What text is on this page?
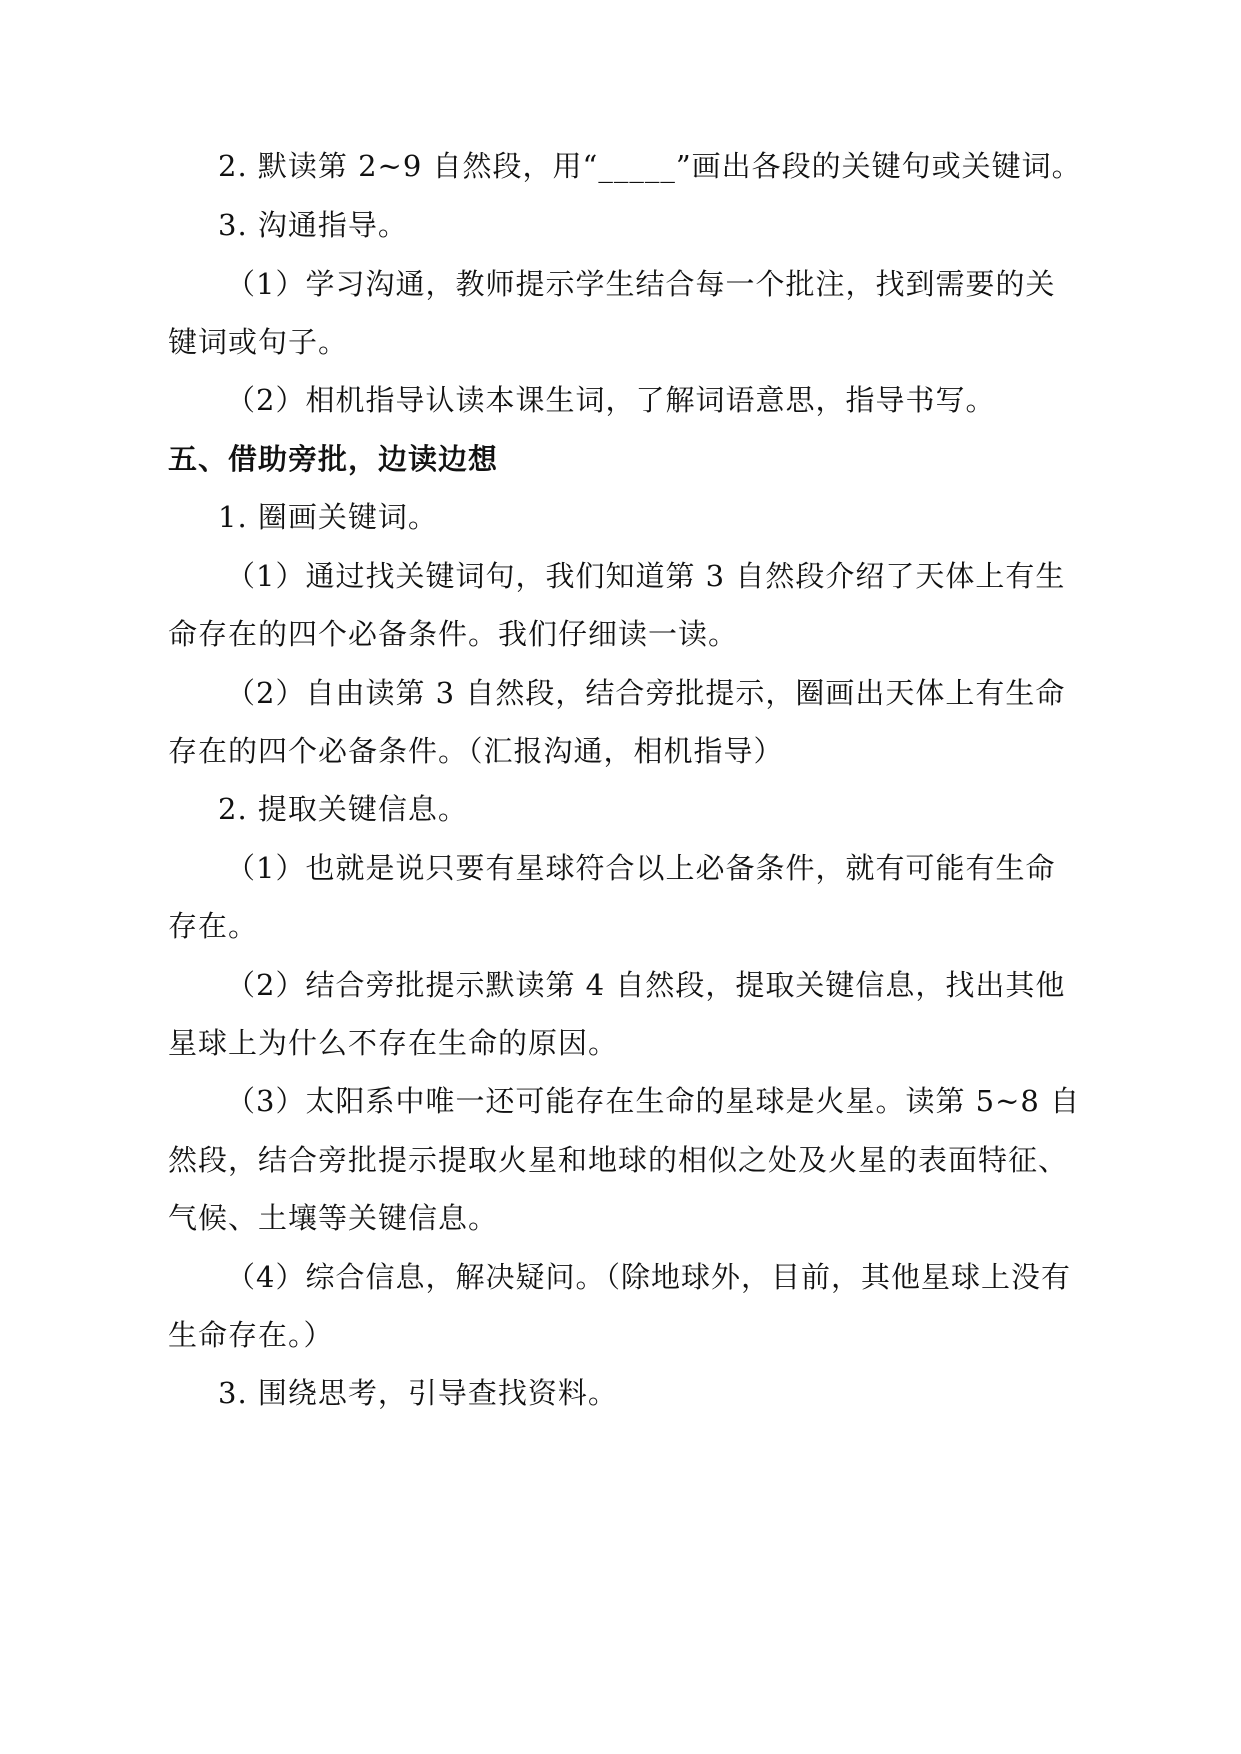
2. 默读第 2~9 自然段，用“_____”画出各段的关键句或关键词。
3. 沟通指导。
（1）学习沟通，教师提示学生结合每一个批注，找到需要的关
键词或句子。
（2）相机指导认读本课生词，了解词语意思，指导书写。
五、借助旁批，边读边想
1. 圈画关键词。
（1）通过找关键词句，我们知道第 3 自然段介绍了天体上有生
命存在的四个必备条件。我们仔细读一读。
（2）自由读第 3 自然段，结合旁批提示，圈画出天体上有生命
存在的四个必备条件。（汇报沟通，相机指导）
2. 提取关键信息。
（1）也就是说只要有星球符合以上必备条件，就有可能有生命
存在。
（2）结合旁批提示默读第 4 自然段，提取关键信息，找出其他
星球上为什么不存在生命的原因。
（3）太阳系中唯一还可能存在生命的星球是火星。读第 5~8 自
然段，结合旁批提示提取火星和地球的相似之处及火星的表面特征、
气候、土壤等关键信息。
（4）综合信息，解决疑问。（除地球外，目前，其他星球上没有
生命存在。）
3. 围绕思考，引导查找资料。
